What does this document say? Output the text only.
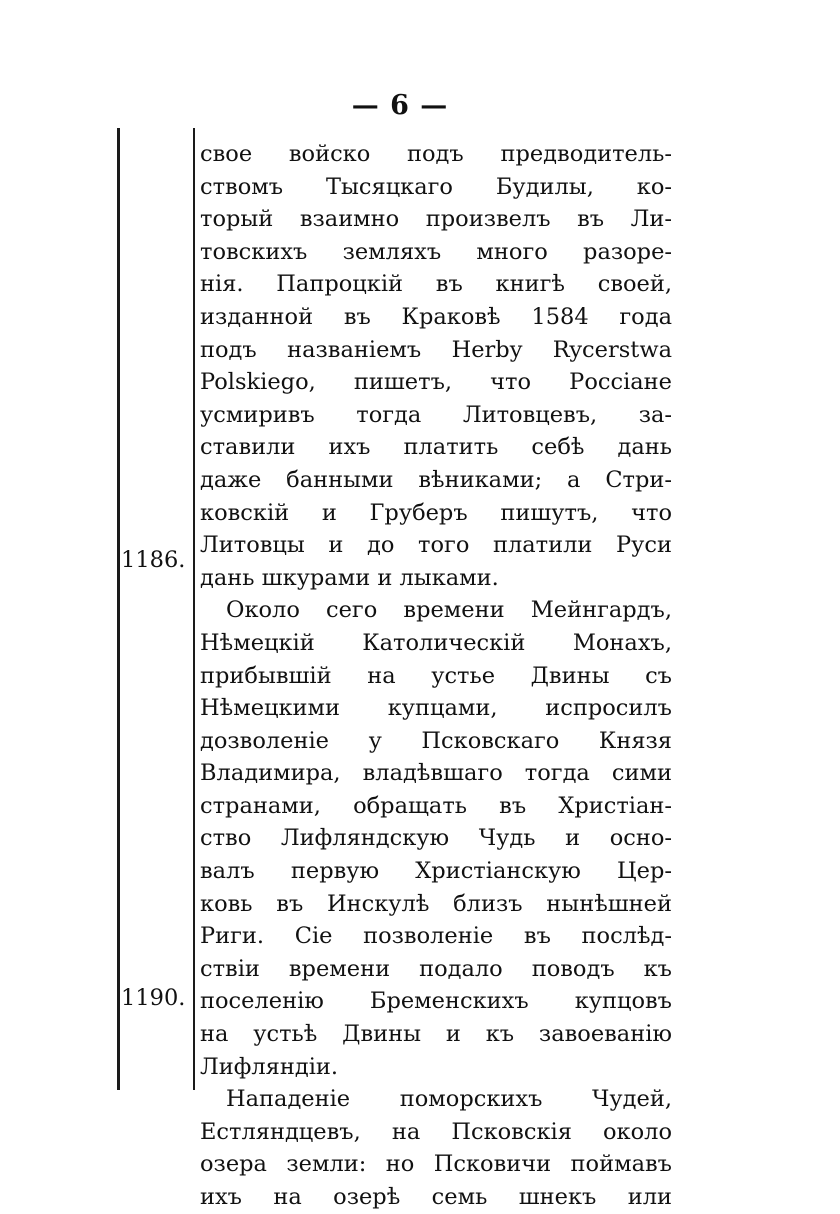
— 6 —
1186.
1190.
свое войско подъ предводитель-
ствомъ Тысяцкаго Будилы, ко-
торый взаимно произвелъ въ Ли-
товскихъ земляхъ много разоре-
нія. Папроцкій въ книгѣ своей,
изданной въ Краковѣ 1584 года
подъ названіемъ Herby Rycerstwa
Polskiego, пишетъ, что Россіане
усмиривъ тогда Литовцевъ, за-
ставили ихъ платить себѣ дань
даже банными вѣниками; а Стри-
ковскій и Груберъ пишутъ, что
Литовцы и до того платили Руси
дань шкурами и лыками.
Около сего времени Мейнгардъ,
Нѣмецкій Католическій Монахъ,
прибывшій на устье Двины съ
Нѣмецкими купцами, испросилъ
дозволеніе у Псковскаго Князя
Владимира, владѣвшаго тогда сими
странами, обращать въ Христіан-
ство Лифляндскую Чудь и осно-
валъ первую Христіанскую Цер-
ковь въ Инскулѣ близъ нынѣшней
Риги. Сіе позволеніе въ послѣд-
ствіи времени подало поводъ къ
поселенію Бременскихъ купцовъ
на устьѣ Двины и къ завоеванію
Лифляндіи.
Нападеніе поморскихъ Чудей,
Естляндцевъ, на Псковскія около
озера земли: но Псковичи поймавъ
ихъ на озерѣ семь шнекъ или
